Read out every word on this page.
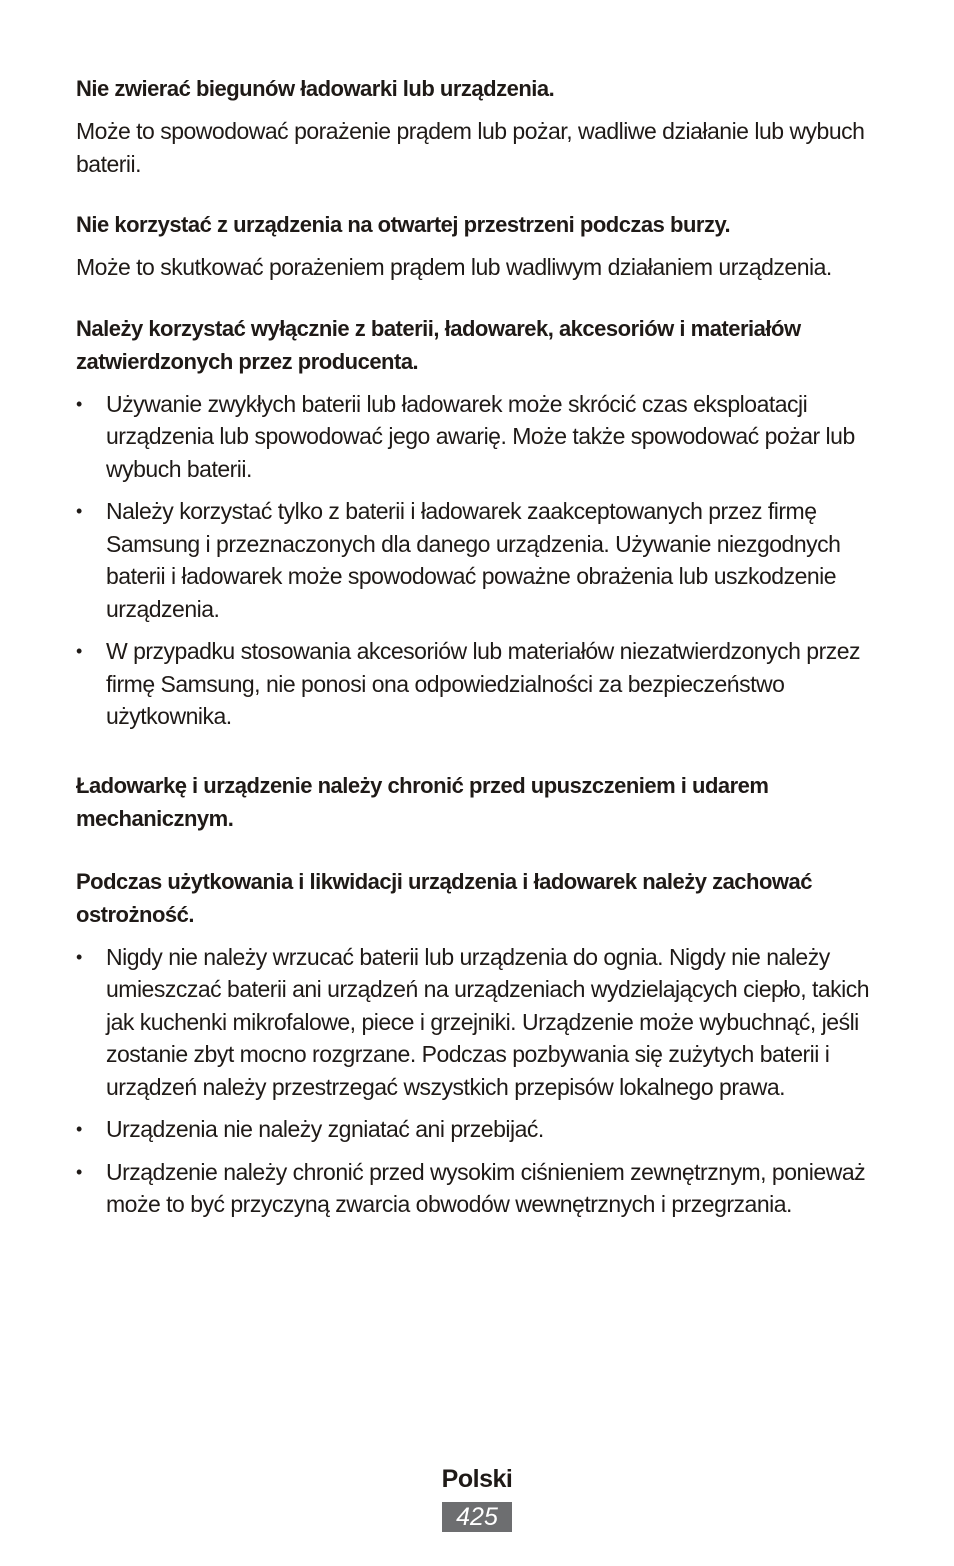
Nie zwierać biegunów ładowarki lub urządzenia.

Może to spowodować porażenie prądem lub pożar, wadliwe działanie lub wybuch baterii.

Nie korzystać z urządzenia na otwartej przestrzeni podczas burzy.

Może to skutkować porażeniem prądem lub wadliwym działaniem urządzenia.

Należy korzystać wyłącznie z baterii, ładowarek, akcesoriów i materiałów zatwierdzonych przez producenta.
•	Używanie zwykłych baterii lub ładowarek może skrócić czas eksploatacji urządzenia lub spowodować jego awarię. Może także spowodować pożar lub wybuch baterii.
•	Należy korzystać tylko z baterii i ładowarek zaakceptowanych przez firmę Samsung i przeznaczonych dla danego urządzenia. Używanie niezgodnych baterii i ładowarek może spowodować poważne obrażenia lub uszkodzenie urządzenia.
•	W przypadku stosowania akcesoriów lub materiałów niezatwierdzonych przez firmę Samsung, nie ponosi ona odpowiedzialności za bezpieczeństwo użytkownika.
Ładowarkę i urządzenie należy chronić przed upuszczeniem i udarem mechanicznym.
Podczas użytkowania i likwidacji urządzenia i ładowarek należy zachować ostrożność.
•	Nigdy nie należy wrzucać baterii lub urządzenia do ognia. Nigdy nie należy umieszczać baterii ani urządzeń na urządzeniach wydzielających ciepło, takich jak kuchenki mikrofalowe, piece i grzejniki. Urządzenie może wybuchnąć, jeśli zostanie zbyt mocno rozgrzane. Podczas pozbywania się zużytych baterii i urządzeń należy przestrzegać wszystkich przepisów lokalnego prawa.
•	Urządzenia nie należy zgniatać ani przebijać.
•	Urządzenie należy chronić przed wysokim ciśnieniem zewnętrznym, ponieważ może to być przyczyną zwarcia obwodów wewnętrznych i przegrzania.
Polski
425
